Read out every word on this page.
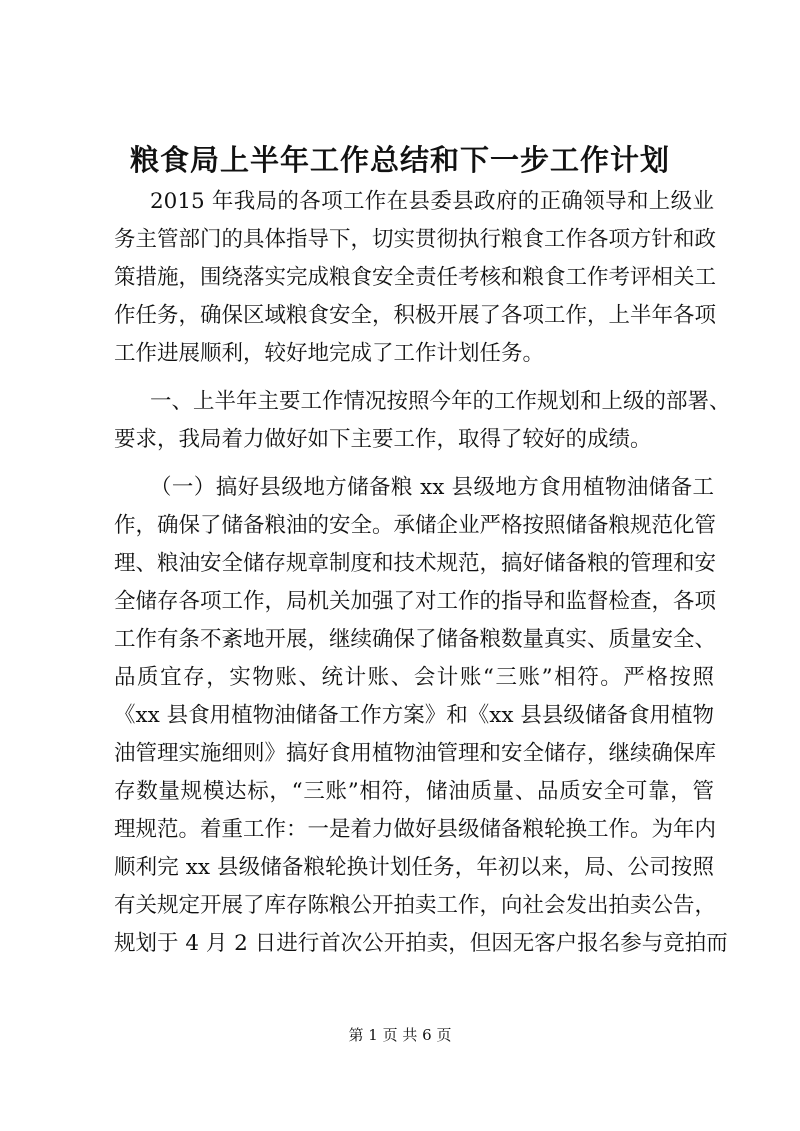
粮食局上半年工作总结和下一步工作计划
2015 年我局的各项工作在县委县政府的正确领导和上级业
务主管部门的具体指导下，切实贯彻执行粮食工作各项方针和政
策措施，围绕落实完成粮食安全责任考核和粮食工作考评相关工
作任务，确保区域粮食安全，积极开展了各项工作，上半年各项
工作进展顺利，较好地完成了工作计划任务。
一、上半年主要工作情况按照今年的工作规划和上级的部署、
要求，我局着力做好如下主要工作，取得了较好的成绩。
（一）搞好县级地方储备粮 xx 县级地方食用植物油储备工
作，确保了储备粮油的安全。承储企业严格按照储备粮规范化管
理、粮油安全储存规章制度和技术规范，搞好储备粮的管理和安
全储存各项工作，局机关加强了对工作的指导和监督检查，各项
工作有条不紊地开展，继续确保了储备粮数量真实、质量安全、
品质宜存，实物账、统计账、会计账“三账”相符。严格按照
《xx 县食用植物油储备工作方案》和《xx 县县级储备食用植物
油管理实施细则》搞好食用植物油管理和安全储存，继续确保库
存数量规模达标，“三账”相符，储油质量、品质安全可靠，管
理规范。着重工作：一是着力做好县级储备粮轮换工作。为年内
顺利完 xx 县级储备粮轮换计划任务，年初以来，局、公司按照
有关规定开展了库存陈粮公开拍卖工作，向社会发出拍卖公告，
规划于 4 月 2 日进行首次公开拍卖，但因无客户报名参与竞拍而
第 1 页 共 6 页
